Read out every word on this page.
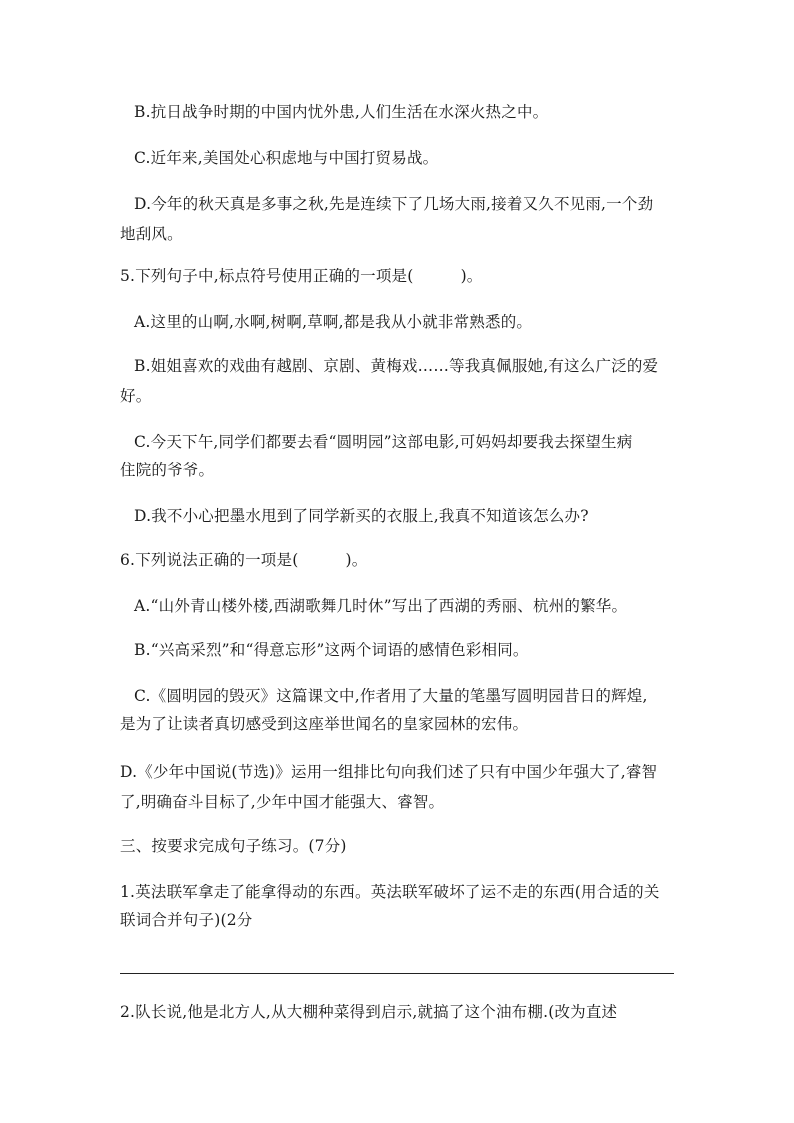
B.抗日战争时期的中国内忧外患,人们生活在水深火热之中。
C.近年来,美国处心积虑地与中国打贸易战。
D.今年的秋天真是多事之秋,先是连续下了几场大雨,接着又久不见雨,一个劲
地刮风。
5.下列句子中,标点符号使用正确的一项是(　　　)。
A.这里的山啊,水啊,树啊,草啊,都是我从小就非常熟悉的。
B.姐姐喜欢的戏曲有越剧、京剧、黄梅戏……等我真佩服她,有这么广泛的爱
好。
C.今天下午,同学们都要去看“圆明园”这部电影,可妈妈却要我去探望生病
住院的爷爷。
D.我不小心把墨水甩到了同学新买的衣服上,我真不知道该怎么办?
6.下列说法正确的一项是(　　　)。
A.“山外青山楼外楼,西湖歌舞几时休”写出了西湖的秀丽、杭州的繁华。
B.“兴高采烈”和“得意忘形”这两个词语的感情色彩相同。
C.《圆明园的毁灭》这篇课文中,作者用了大量的笔墨写圆明园昔日的辉煌,
是为了让读者真切感受到这座举世闻名的皇家园林的宏伟。
D.《少年中国说(节选)》运用一组排比句向我们述了只有中国少年强大了,睿智
了,明确奋斗目标了,少年中国才能强大、睿智。
三、按要求完成句子练习。(7分)
1.英法联军拿走了能拿得动的东西。英法联军破坏了运不走的东西(用合适的关
联词合并句子)(2分
2.队长说,他是北方人,从大棚种菜得到启示,就搞了这个油布棚.(改为直述
